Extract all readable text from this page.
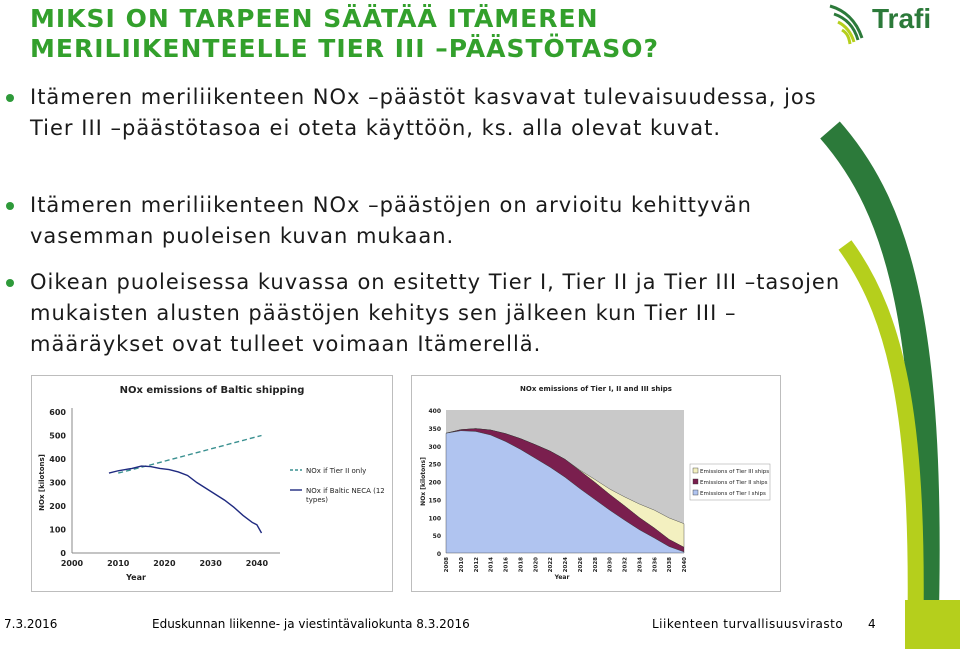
MIKSI ON TARPEEN SÄÄTÄÄ ITÄMEREN MERILIIKENTEELLE TIER III –PÄÄSTÖTASO?
Trafi
Itämeren meriliikenteen NOx –päästöt kasvavat tulevaisuudessa, jos Tier III –päästötasoa ei oteta käyttöön, ks. alla olevat kuvat.
Itämeren meriliikenteen NOx –päästöjen on arvioitu kehittyvän vasemman puoleisen kuvan mukaan.
Oikean puoleisessa kuvassa on esitetty Tier I, Tier II ja Tier III –tasojen mukaisten alusten päästöjen kehitys sen jälkeen kun Tier III –määräykset ovat tulleet voimaan Itämerellä.
NOx emissions of Baltic shipping
0
100
200
300
400
500
600
2000	2010	2020	2030	2040
Year
NOx [kilotons]	NOx if Tier II only
NOx if Baltic NECA (12
types)
NOx emissions of Tier I, II and III ships
0
50
100
150
200
250
300
350
400
2008 2010 2012 2014 2016 2018 2020 2022 2024 2026 2028 2030 2032 2034 2036 2038 2040
NOx [kilotons]
Year
Emissions of Tier III ships
Emissions of Tier II ships
Emissions of Tier I ships
7.3.2016	Eduskunnan liikenne- ja viestintävaliokunta 8.3.2016	Liikenteen turvallisuusvirasto 4
